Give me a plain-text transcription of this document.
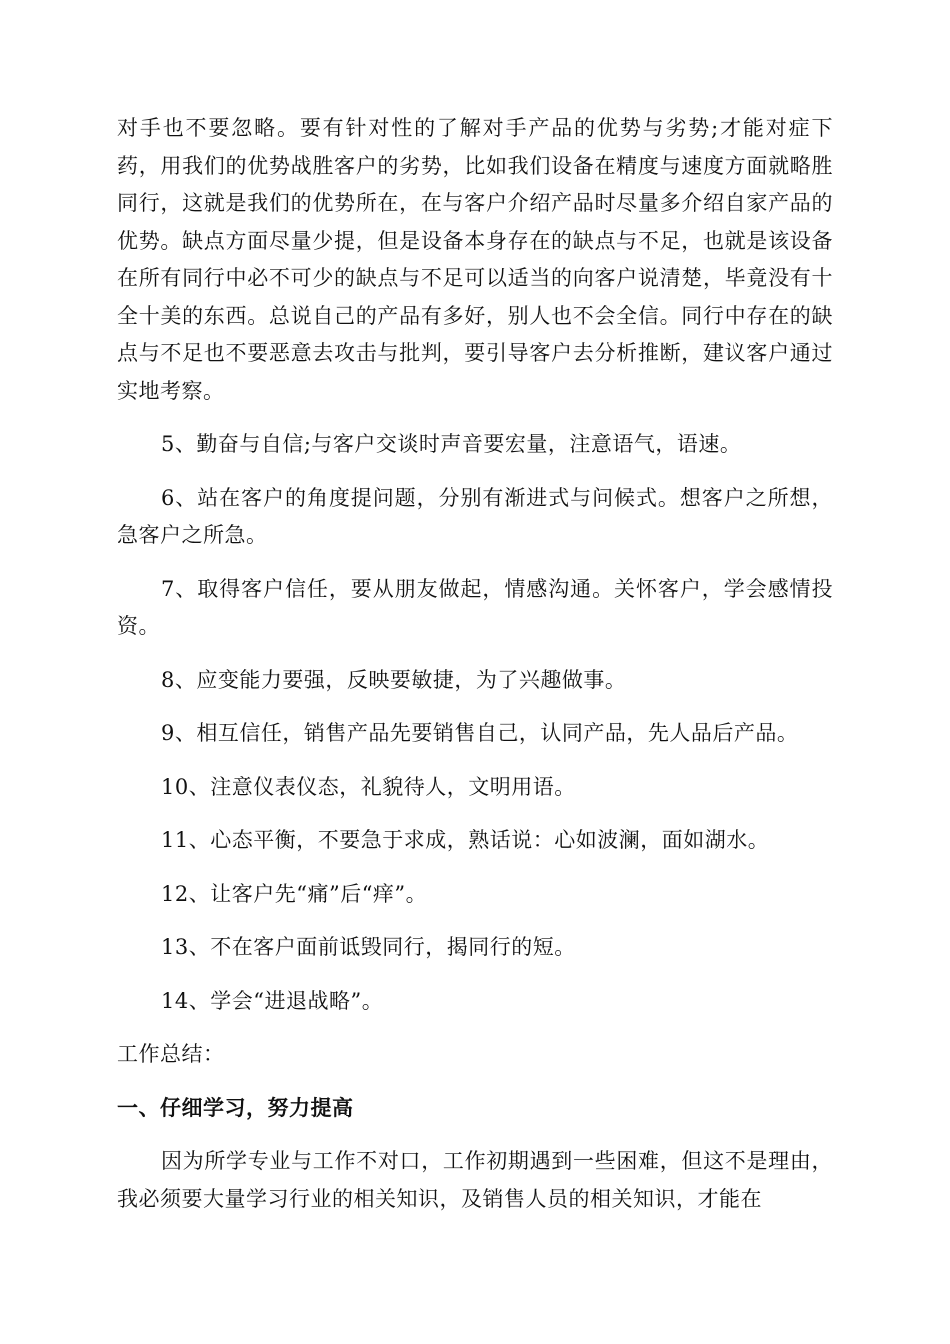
对手也不要忽略。要有针对性的了解对手产品的优势与劣势;才能对症下药，用我们的优势战胜客户的劣势，比如我们设备在精度与速度方面就略胜同行，这就是我们的优势所在，在与客户介绍产品时尽量多介绍自家产品的优势。缺点方面尽量少提，但是设备本身存在的缺点与不足，也就是该设备在所有同行中必不可少的缺点与不足可以适当的向客户说清楚，毕竟没有十全十美的东西。总说自己的产品有多好，别人也不会全信。同行中存在的缺点与不足也不要恶意去攻击与批判，要引导客户去分析推断，建议客户通过实地考察。

5、勤奋与自信;与客户交谈时声音要宏量，注意语气，语速。

6、站在客户的角度提问题，分别有渐进式与问候式。想客户之所想，急客户之所急。

7、取得客户信任，要从朋友做起，情感沟通。关怀客户，学会感情投资。

8、应变能力要强，反映要敏捷，为了兴趣做事。

9、相互信任，销售产品先要销售自己，认同产品，先人品后产品。

10、注意仪表仪态，礼貌待人，文明用语。

11、心态平衡，不要急于求成，熟话说：心如波澜，面如湖水。

12、让客户先“痛”后“痒”。

13、不在客户面前诋毁同行，揭同行的短。

14、学会“进退战略”。

工作总结：

一、仔细学习，努力提高

因为所学专业与工作不对口，工作初期遇到一些困难，但这不是理由，我必须要大量学习行业的相关知识，及销售人员的相关知识，才能在
